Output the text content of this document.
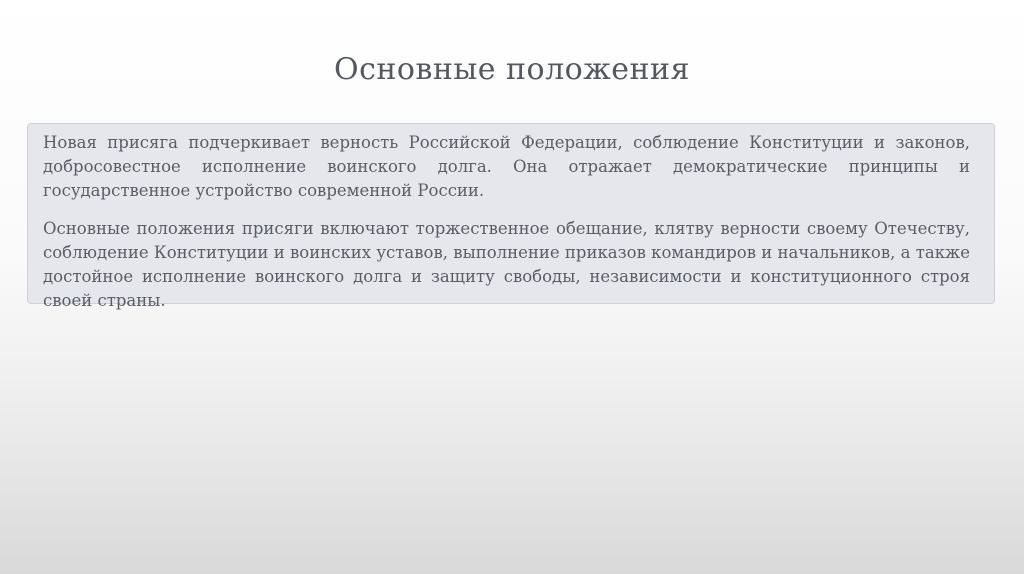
Основные положения

Новая присяга подчеркивает верность Российской Федерации, соблюдение Конституции и законов, добросовестное исполнение воинского долга. Она отражает демократические принципы и государственное устройство современной России.

Основные положения присяги включают торжественное обещание, клятву верности своему Отечеству, соблюдение Конституции и воинских уставов, выполнение приказов командиров и начальников, а также достойное исполнение воинского долга и защиту свободы, независимости и конституционного строя своей страны.
